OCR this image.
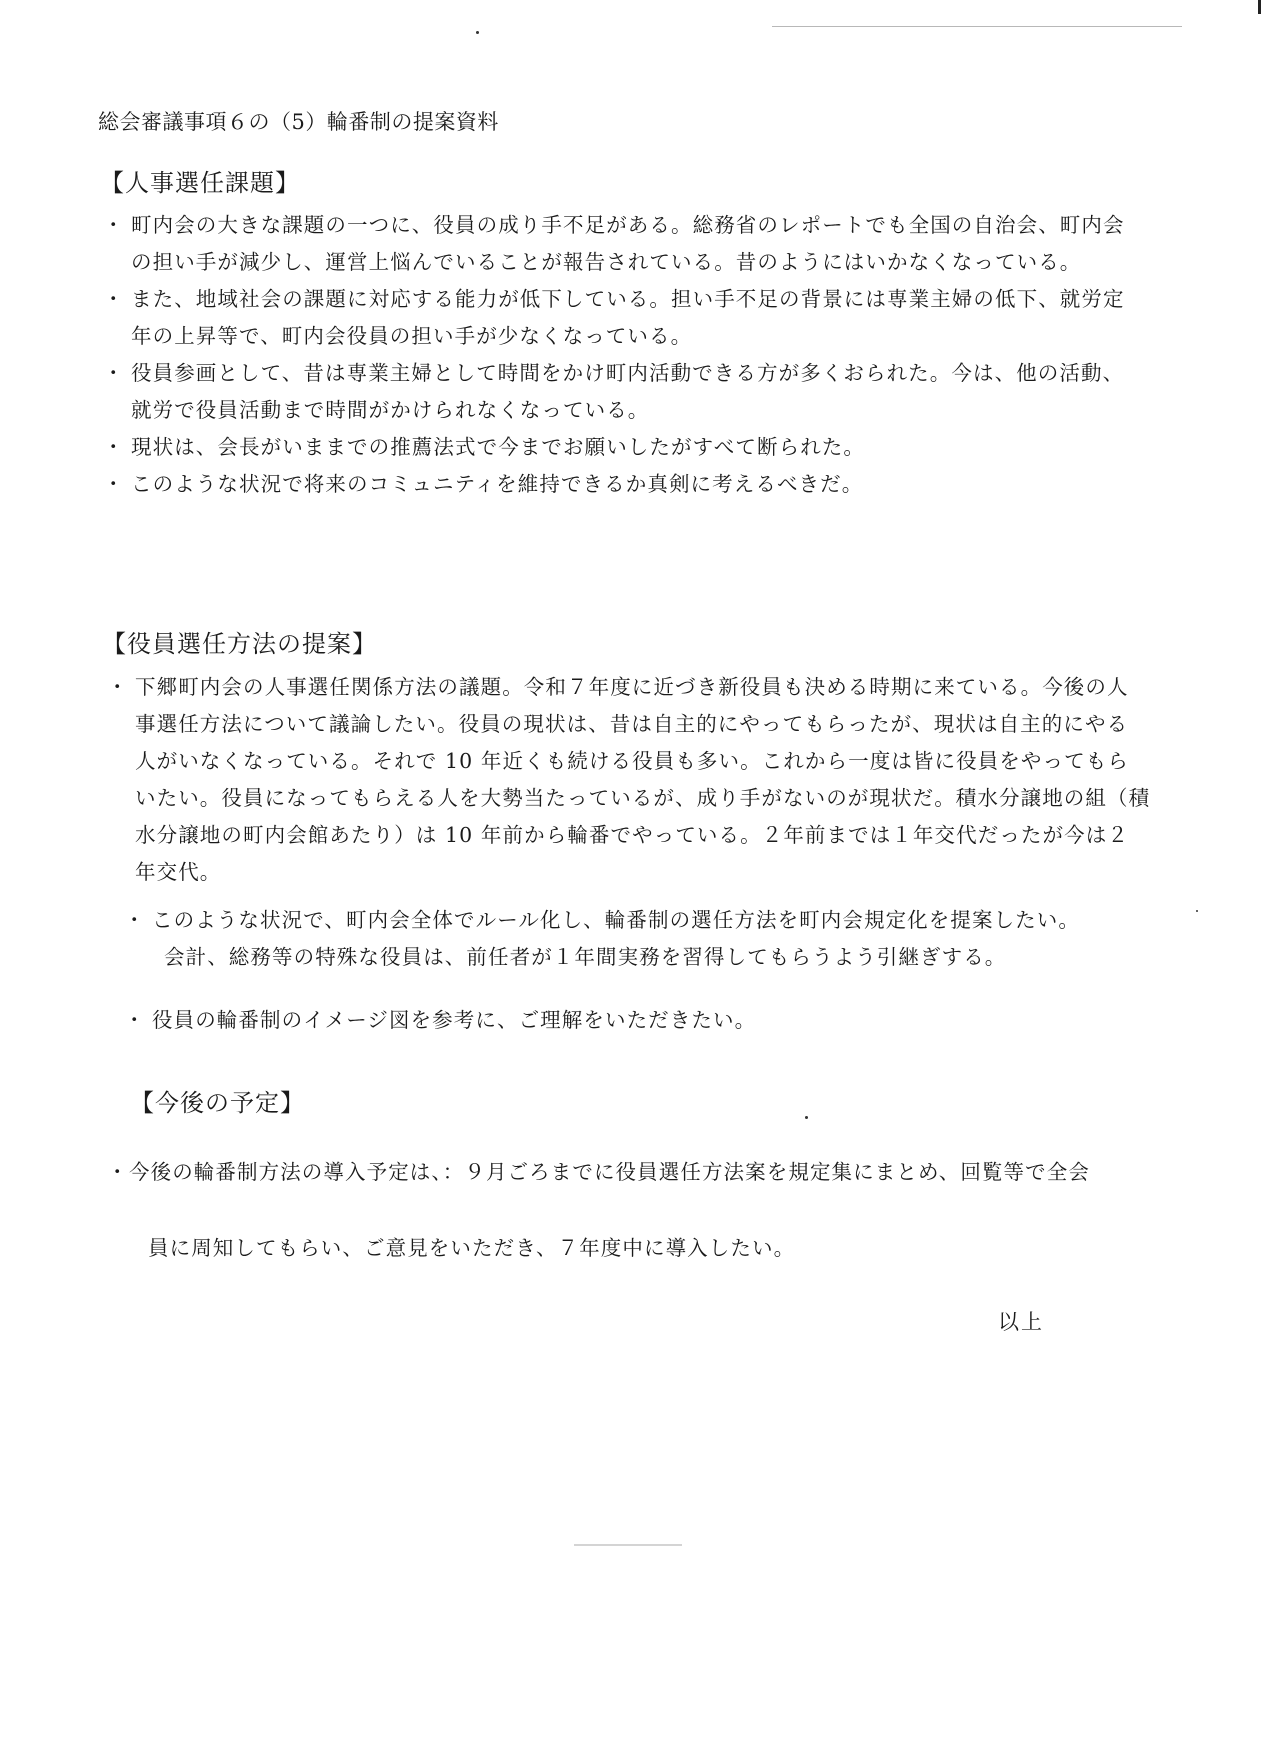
総会審議事項６の（5）輪番制の提案資料
【人事選任課題】
・ 町内会の大きな課題の一つに、役員の成り手不足がある。総務省のレポートでも全国の自治会、町内会
の担い手が減少し、運営上悩んでいることが報告されている。昔のようにはいかなくなっている。
・ また、地域社会の課題に対応する能力が低下している。担い手不足の背景には専業主婦の低下、就労定
年の上昇等で、町内会役員の担い手が少なくなっている。
・ 役員参画として、昔は専業主婦として時間をかけ町内活動できる方が多くおられた。今は、他の活動、
就労で役員活動まで時間がかけられなくなっている。
・ 現状は、会長がいままでの推薦法式で今までお願いしたがすべて断られた。
・ このような状況で将来のコミュニティを維持できるか真剣に考えるべきだ。
【役員選任方法の提案】
・ 下郷町内会の人事選任関係方法の議題。令和７年度に近づき新役員も決める時期に来ている。今後の人
事選任方法について議論したい。役員の現状は、昔は自主的にやってもらったが、現状は自主的にやる
人がいなくなっている。それで 10 年近くも続ける役員も多い。これから一度は皆に役員をやってもら
いたい。役員になってもらえる人を大勢当たっているが、成り手がないのが現状だ。積水分譲地の組（積
水分譲地の町内会館あたり）は 10 年前から輪番でやっている。２年前までは１年交代だったが今は２
年交代。
・ このような状況で、町内会全体でルール化し、輪番制の選任方法を町内会規定化を提案したい。
会計、総務等の特殊な役員は、前任者が１年間実務を習得してもらうよう引継ぎする。
・ 役員の輪番制のイメージ図を参考に、ご理解をいただきたい。
【今後の予定】
・今後の輪番制方法の導入予定は、：９月ごろまでに役員選任方法案を規定集にまとめ、回覧等で全会
員に周知してもらい、ご意見をいただき、７年度中に導入したい。
以上
